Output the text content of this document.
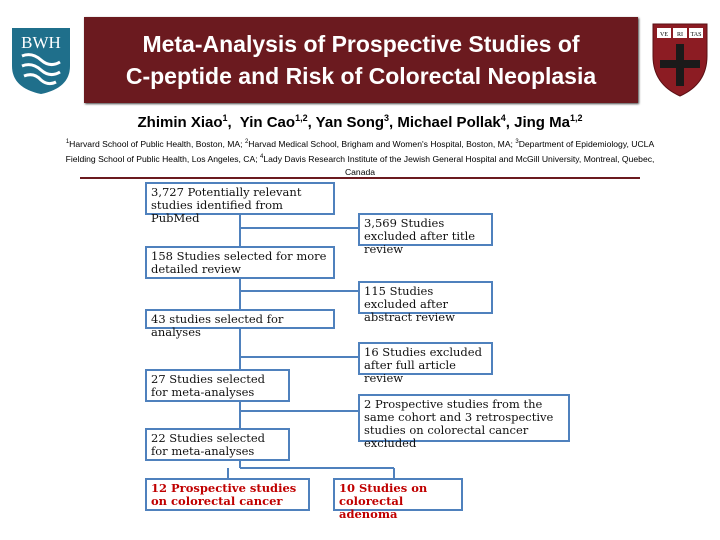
BWH	VE RI TAS
Meta-Analysis of Prospective Studies of
C-peptide and Risk of Colorectal Neoplasia
Zhimin Xiao$^1$,  Yin Cao$^{1,2}$, Yan Song$^3$, Michael Pollak$^4$, Jing Ma$^{1,2}$
$^1$Harvard School of Public Health, Boston, MA; $^2$Harvad Medical School, Brigham and Women's Hospital, Boston, MA; $^3$Department of Epidemiology, UCLA Fielding School of Public Health, Los Angeles, CA; $^4$Lady Davis Research Institute of the Jewish General Hospital and McGill University, Montreal, Quebec, Canada
3,727 Potentially relevant studies identified from PubMed
158 Studies selected for more detailed review
43 studies selected for analyses
27 Studies selected for meta-analyses
22 Studies selected for meta-analyses
3,569 Studies excluded after title review
115 Studies excluded after abstract review
16 Studies excluded after full article review
2 Prospective studies from the same cohort and 3 retrospective studies on colorectal cancer excluded
12 Prospective studies on colorectal cancer
10 Studies on colorectal adenoma
